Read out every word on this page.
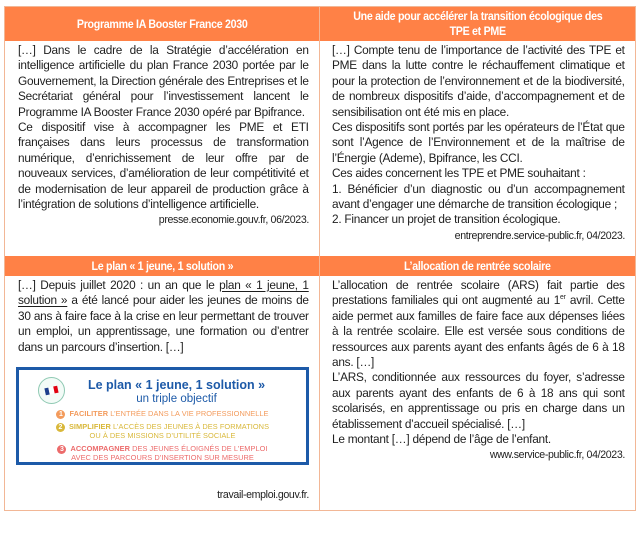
Programme IA Booster France 2030
Une aide pour accélérer la transition écologique des
TPE et PME

[…] Dans le cadre de la Stratégie d’accélération en intelligence artificielle du plan France 2030 portée par le Gouvernement, la Direction générale des Entreprises et le Secrétariat général pour l’investissement lancent le Programme IA Booster France 2030 opéré par Bpifrance.

Ce dispositif vise à accompagner les PME et ETI françaises dans leurs processus de transformation numérique, d’enrichissement de leur offre par de nouveaux services, d’amélioration de leur compétitivité et de modernisation de leur appareil de production grâce à l’intégration de solutions d’intelligence artificielle.

presse.economie.gouv.fr, 06/2023.

[…] Compte tenu de l’importance de l’activité des TPE et PME dans la lutte contre le réchauffement climatique et pour la protection de l’environnement et de la biodiversité, de nombreux dispositifs d’aide, d’accompagnement et de sensibilisation ont été mis en place.

Ces dispositifs sont portés par les opérateurs de l’État que sont l’Agence de l’Environnement et de la maîtrise de l’Énergie (Ademe), Bpifrance, les CCI.

Ces aides concernent les TPE et PME souhaitant :

1. Bénéficier d’un diagnostic ou d’un accompagnement avant d’engager une démarche de transition écologique ;

2. Financer un projet de transition écologique.

entreprendre.service-public.fr, 04/2023.
Le plan « 1 jeune, 1 solution »	L’allocation de rentrée scolaire

[…] Depuis juillet 2020 : un an que le plan « 1 jeune, 1 solution » a été lancé pour aider les jeunes de moins de 30 ans à faire face à la crise en leur permettant de trouver un emploi, un apprentissage, une formation ou d’entrer dans un parcours d’insertion. […]

travail-emploi.gouv.fr.

L’allocation de rentrée scolaire (ARS) fait partie des prestations familiales qui ont augmenté au 1er avril. Cette aide permet aux familles de faire face aux dépenses liées à la rentrée scolaire. Elle est versée sous conditions de ressources aux parents ayant des enfants âgés de 6 à 18 ans. […]

L’ARS, conditionnée aux ressources du foyer, s’adresse aux parents ayant des enfants de 6 à 18 ans qui sont scolarisés, en apprentissage ou pris en charge dans un établissement d’accueil spécialisé. […]

Le montant […] dépend de l’âge de l’enfant.

www.service-public.fr, 04/2023.
Le plan « 1 jeune, 1 solution »
un triple objectif
1 FACILITER L’ENTRÉE DANS LA VIE PROFESSIONNELLE
2 SIMPLIFIER L’ACCÈS DES JEUNES À DES FORMATIONS
OU À DES MISSIONS D’UTILITÉ SOCIALE
3 ACCOMPAGNER DES JEUNES ÉLOIGNÉS DE L’EMPLOI
AVEC DES PARCOURS D’INSERTION SUR MESURE
